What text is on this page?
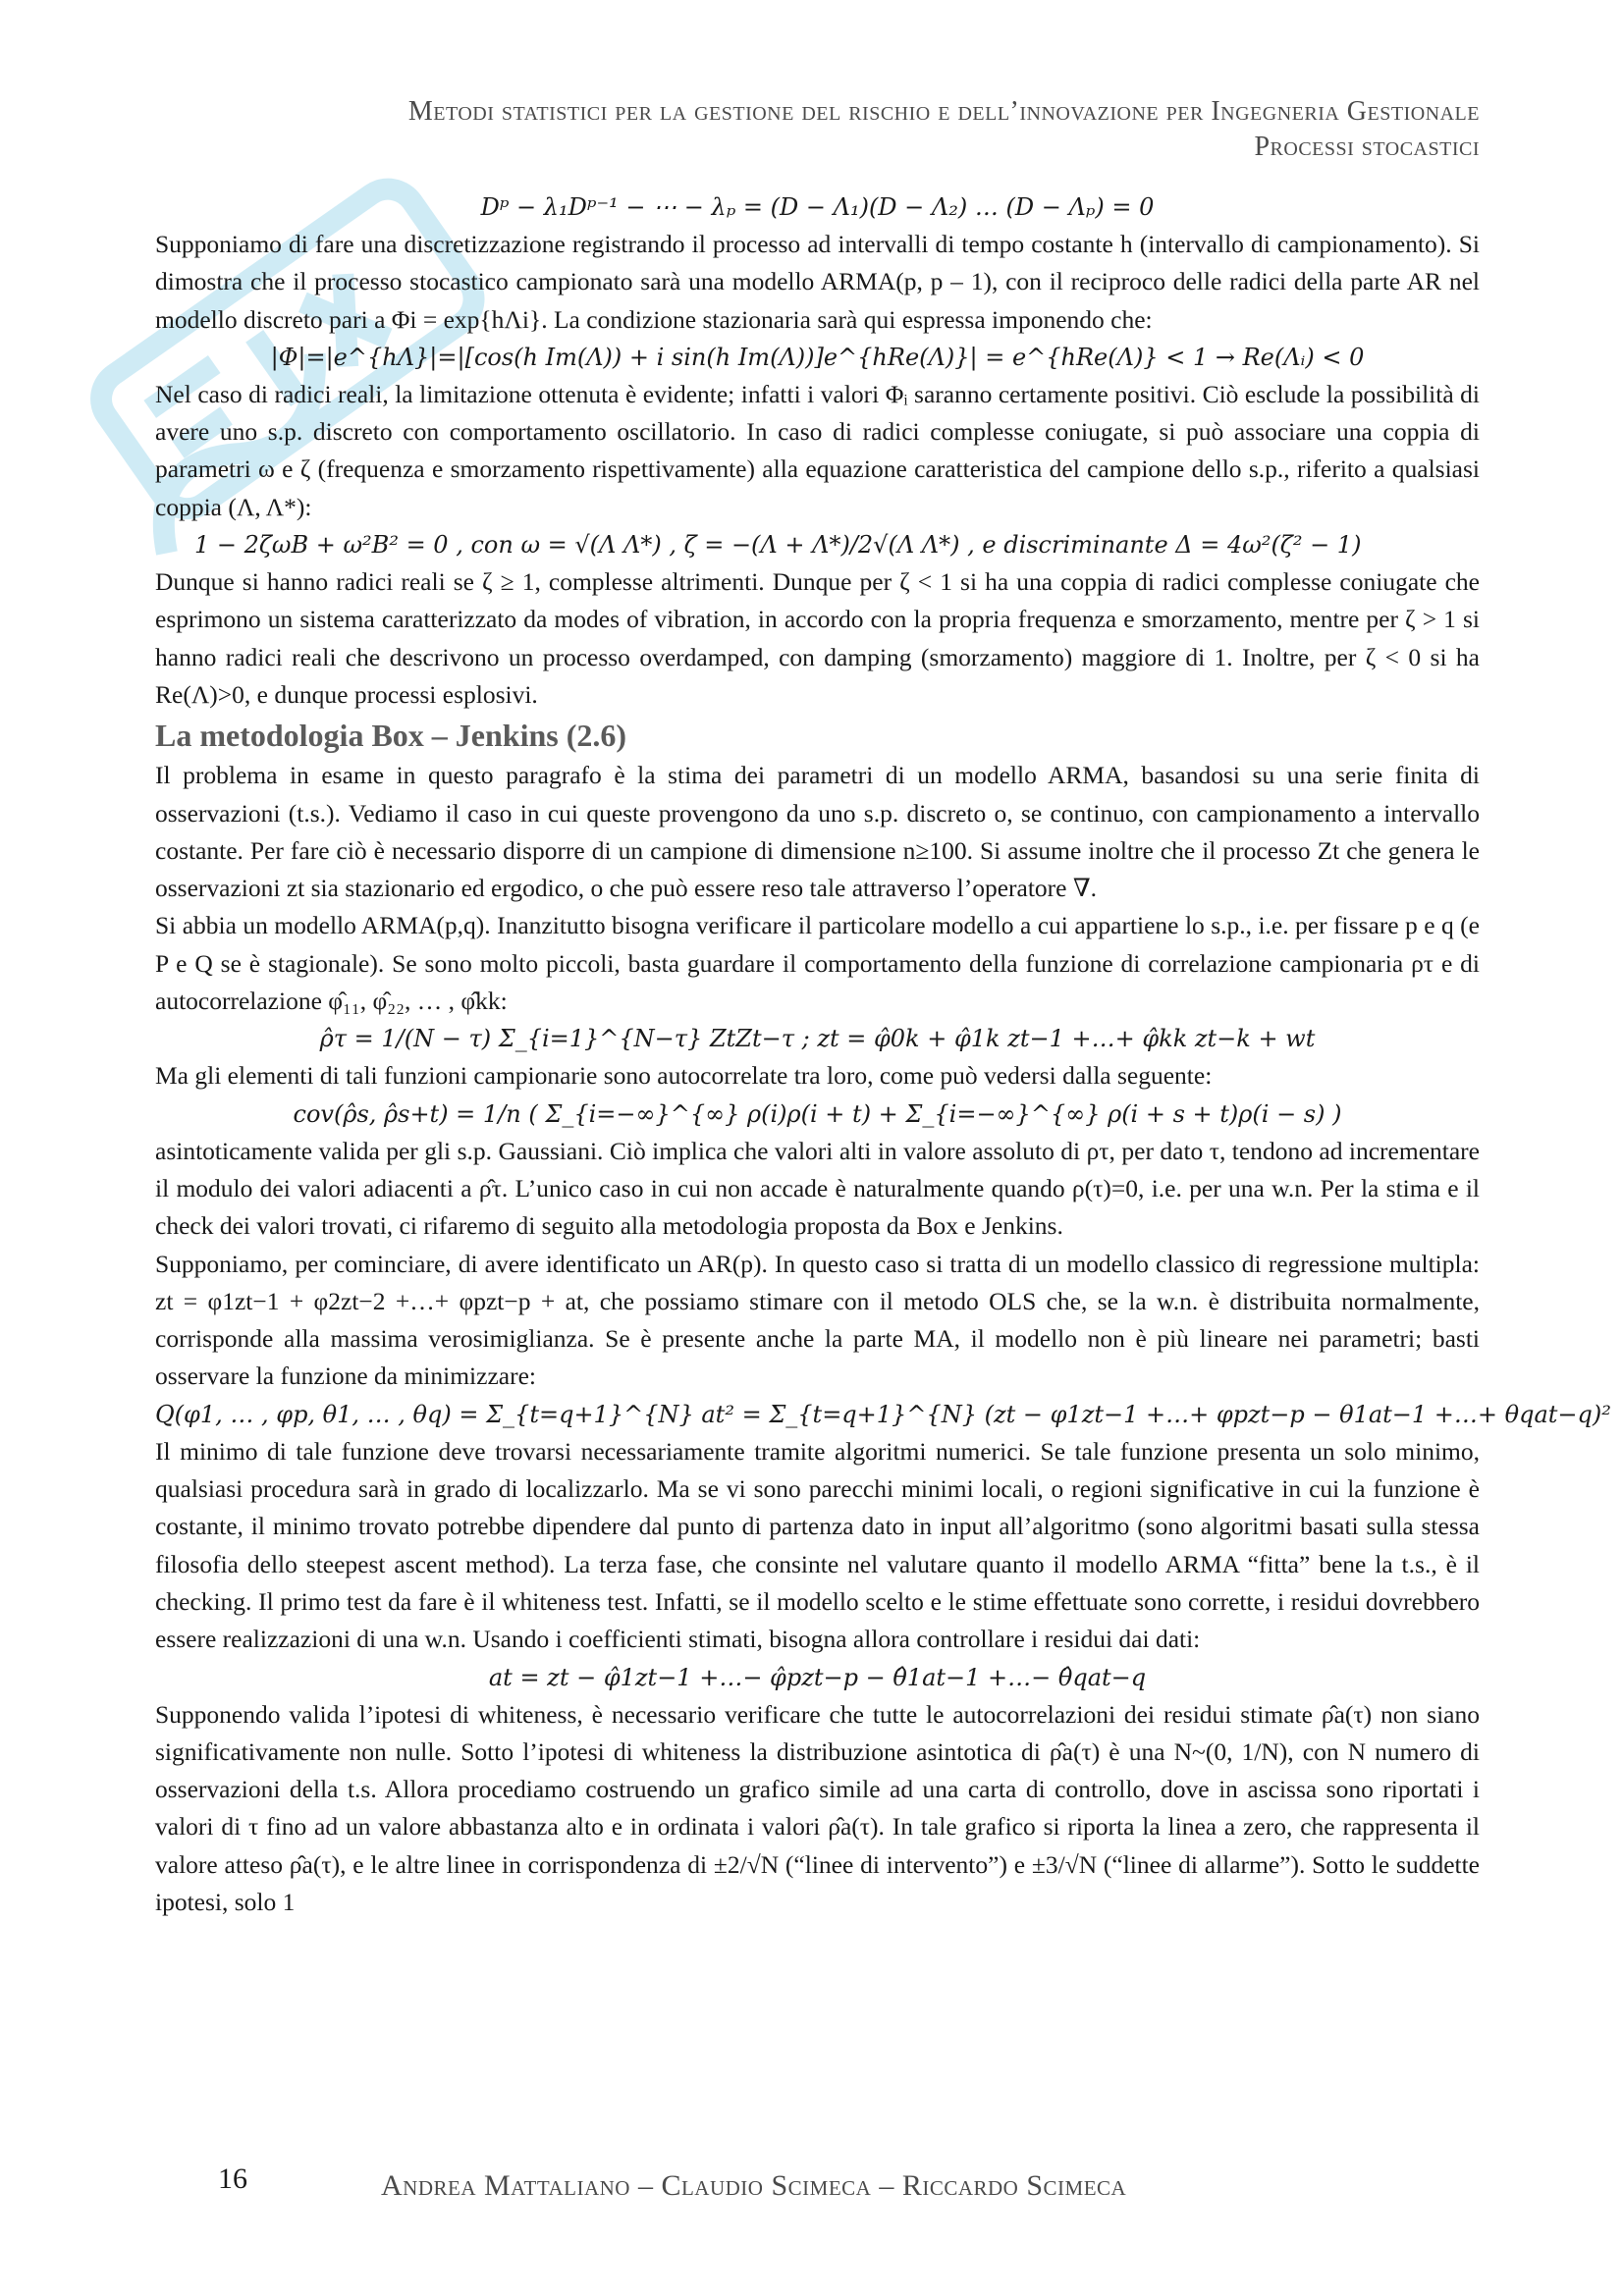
Metodi statistici per la gestione del rischio e dell’innovazione per Ingegneria Gestionale
Processi stocastici
Dᵖ − λ₁Dᵖ⁻¹ − ⋯ − λₚ = (D − Λ₁)(D − Λ₂) … (D − Λₚ) = 0

Supponiamo di fare una discretizzazione registrando il processo ad intervalli di tempo costante h (intervallo di campionamento). Si dimostra che il processo stocastico campionato sarà una modello ARMA(p, p – 1), con il reciproco delle radici della parte AR nel modello discreto pari a Φi = exp{hΛi}. La condizione stazionaria sarà qui espressa imponendo che:

|Φ|=|e^{hΛ}|=|[cos(h Im(Λ)) + i sin(h Im(Λ))]e^{hRe(Λ)}| = e^{hRe(Λ)} < 1 → Re(Λᵢ) < 0

Nel caso di radici reali, la limitazione ottenuta è evidente; infatti i valori Φᵢ saranno certamente positivi. Ciò esclude la possibilità di avere uno s.p. discreto con comportamento oscillatorio. In caso di radici complesse coniugate, si può associare una coppia di parametri ω e ζ (frequenza e smorzamento rispettivamente) alla equazione caratteristica del campione dello s.p., riferito a qualsiasi coppia (Λ, Λ*):

1 − 2ζωB + ω²B² = 0 , con ω = √(Λ Λ*) , ζ = −(Λ + Λ*)/2√(Λ Λ*) , e discriminante Δ = 4ω²(ζ² − 1)

Dunque si hanno radici reali se ζ ≥ 1, complesse altrimenti. Dunque per ζ < 1 si ha una coppia di radici complesse coniugate che esprimono un sistema caratterizzato da modes of vibration, in accordo con la propria frequenza e smorzamento, mentre per ζ > 1 si hanno radici reali che descrivono un processo overdamped, con damping (smorzamento) maggiore di 1. Inoltre, per ζ < 0 si ha Re(Λ)>0, e dunque processi esplosivi.

La metodologia Box – Jenkins (2.6)

Il problema in esame in questo paragrafo è la stima dei parametri di un modello ARMA, basandosi su una serie finita di osservazioni (t.s.). Vediamo il caso in cui queste provengono da uno s.p. discreto o, se continuo, con campionamento a intervallo costante. Per fare ciò è necessario disporre di un campione di dimensione n≥100. Si assume inoltre che il processo Zt che genera le osservazioni zt sia stazionario ed ergodico, o che può essere reso tale attraverso l’operatore ∇.

Si abbia un modello ARMA(p,q). Inanzitutto bisogna verificare il particolare modello a cui appartiene lo s.p., i.e. per fissare p e q (e P e Q se è stagionale). Se sono molto piccoli, basta guardare il comportamento della funzione di correlazione campionaria ρτ e di autocorrelazione φ̂₁₁, φ̂₂₂, … , φ̂kk:

ρ̂τ = 1/(N − τ) Σ_{i=1}^{N−τ} ZtZt−τ ; zt = φ̂0k + φ̂1k zt−1 +…+ φ̂kk zt−k + wt

Ma gli elementi di tali funzioni campionarie sono autocorrelate tra loro, come può vedersi dalla seguente:

cov(ρ̂s, ρ̂s+t) = 1/n ( Σ_{i=−∞}^{∞} ρ(i)ρ(i + t) + Σ_{i=−∞}^{∞} ρ(i + s + t)ρ(i − s) )

asintoticamente valida per gli s.p. Gaussiani. Ciò implica che valori alti in valore assoluto di ρτ, per dato τ, tendono ad incrementare il modulo dei valori adiacenti a ρ̂τ. L’unico caso in cui non accade è naturalmente quando ρ(τ)=0, i.e. per una w.n. Per la stima e il check dei valori trovati, ci rifaremo di seguito alla metodologia proposta da Box e Jenkins.

Supponiamo, per cominciare, di avere identificato un AR(p). In questo caso si tratta di un modello classico di regressione multipla: zt = φ1zt−1 + φ2zt−2 +…+ φpzt−p + at, che possiamo stimare con il metodo OLS che, se la w.n. è distribuita normalmente, corrisponde alla massima verosimiglianza. Se è presente anche la parte MA, il modello non è più lineare nei parametri; basti osservare la funzione da minimizzare:

Q(φ1, … , φp, θ1, … , θq) = Σ_{t=q+1}^{N} at² = Σ_{t=q+1}^{N} (zt − φ1zt−1 +…+ φpzt−p − θ1at−1 +…+ θqat−q)²

Il minimo di tale funzione deve trovarsi necessariamente tramite algoritmi numerici. Se tale funzione presenta un solo minimo, qualsiasi procedura sarà in grado di localizzarlo. Ma se vi sono parecchi minimi locali, o regioni significative in cui la funzione è costante, il minimo trovato potrebbe dipendere dal punto di partenza dato in input all’algoritmo (sono algoritmi basati sulla stessa filosofia dello steepest ascent method). La terza fase, che consinte nel valutare quanto il modello ARMA “fitta” bene la t.s., è il checking. Il primo test da fare è il whiteness test. Infatti, se il modello scelto e le stime effettuate sono corrette, i residui dovrebbero essere realizzazioni di una w.n. Usando i coefficienti stimati, bisogna allora controllare i residui dai dati:

at = zt − φ̂1zt−1 +…− φ̂pzt−p − θ̂1at−1 +…− θ̂qat−q

Supponendo valida l’ipotesi di whiteness, è necessario verificare che tutte le autocorrelazioni dei residui stimate ρ̂a(τ) non siano significativamente non nulle. Sotto l’ipotesi di whiteness la distribuzione asintotica di ρ̂a(τ) è una N~(0, 1/N), con N numero di osservazioni della t.s. Allora procediamo costruendo un grafico simile ad una carta di controllo, dove in ascissa sono riportati i valori di τ fino ad un valore abbastanza alto e in ordinata i valori ρ̂a(τ). In tale grafico si riporta la linea a zero, che rappresenta il valore atteso ρ̂a(τ), e le altre linee in corrispondenza di ±2/√N (“linee di intervento”) e ±3/√N (“linee di allarme”). Sotto le suddette ipotesi, solo 1

16	Andrea Mattaliano – Claudio Scimeca – Riccardo Scimeca
